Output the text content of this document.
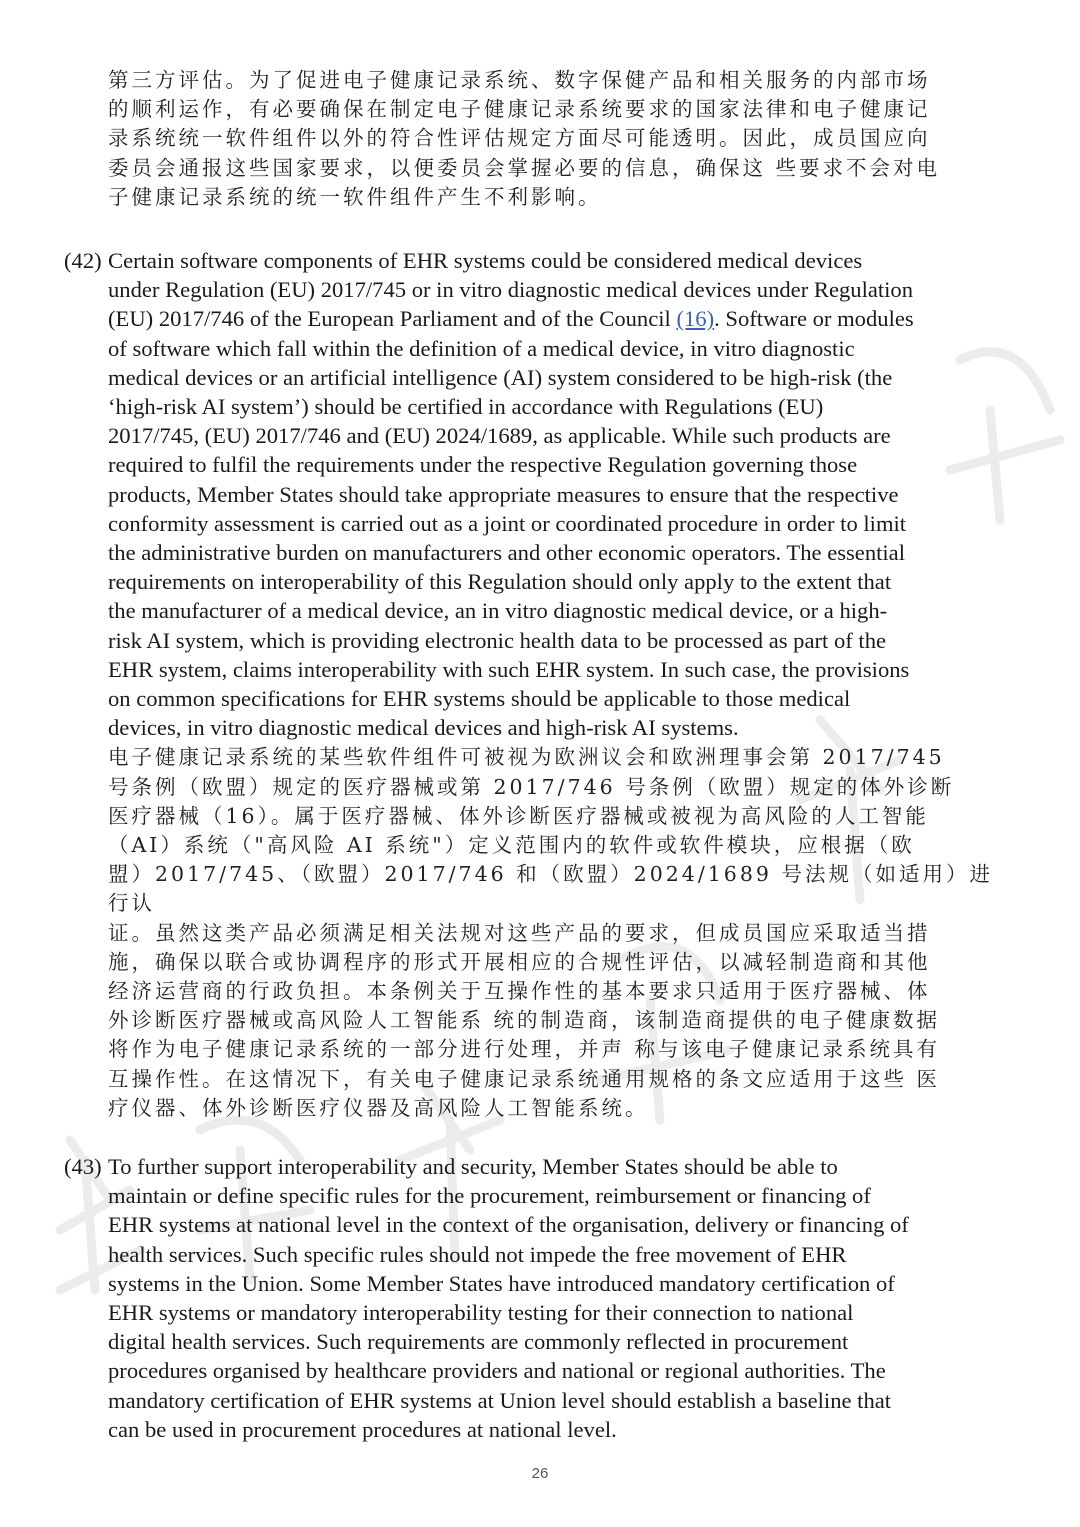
第三方评估。为了促进电子健康记录系统、数字保健产品和相关服务的内部市场

的顺利运作，有必要确保在制定电子健康记录系统要求的国家法律和电子健康记

录系统统一软件组件以外的符合性评估规定方面尽可能透明。因此，成员国应向

委员会通报这些国家要求，以便委员会掌握必要的信息，确保这 些要求不会对电

子健康记录系统的统一软件组件产生不利影响。

(42) Certain software components of EHR systems could be considered medical devices

under Regulation (EU) 2017/745 or in vitro diagnostic medical devices under Regulation

(EU) 2017/746 of the European Parliament and of the Council (16). Software or modules

of software which fall within the definition of a medical device, in vitro diagnostic

medical devices or an artificial intelligence (AI) system considered to be high-risk (the

‘high-risk AI system’) should be certified in accordance with Regulations (EU)

2017/745, (EU) 2017/746 and (EU) 2024/1689, as applicable. While such products are

required to fulfil the requirements under the respective Regulation governing those

products, Member States should take appropriate measures to ensure that the respective

conformity assessment is carried out as a joint or coordinated procedure in order to limit

the administrative burden on manufacturers and other economic operators. The essential

requirements on interoperability of this Regulation should only apply to the extent that

the manufacturer of a medical device, an in vitro diagnostic medical device, or a high-

risk AI system, which is providing electronic health data to be processed as part of the

EHR system, claims interoperability with such EHR system. In such case, the provisions

on common specifications for EHR systems should be applicable to those medical

devices, in vitro diagnostic medical devices and high-risk AI systems.

电子健康记录系统的某些软件组件可被视为欧洲议会和欧洲理事会第 2017/745

号条例（欧盟）规定的医疗器械或第 2017/746 号条例（欧盟）规定的体外诊断

医疗器械（16）。属于医疗器械、体外诊断医疗器械或被视为高风险的人工智能

（AI）系统（"高风险 AI 系统"）定义范围内的软件或软件模块，应根据（欧

盟）2017/745、（欧盟）2017/746 和（欧盟）2024/1689 号法规（如适用）进行认

证。虽然这类产品必须满足相关法规对这些产品的要求，但成员国应采取适当措

施，确保以联合或协调程序的形式开展相应的合规性评估，以减轻制造商和其他

经济运营商的行政负担。本条例关于互操作性的基本要求只适用于医疗器械、体

外诊断医疗器械或高风险人工智能系 统的制造商，该制造商提供的电子健康数据

将作为电子健康记录系统的一部分进行处理，并声 称与该电子健康记录系统具有

互操作性。在这情况下，有关电子健康记录系统通用规格的条文应适用于这些 医

疗仪器、体外诊断医疗仪器及高风险人工智能系统。

(43) To further support interoperability and security, Member States should be able to

maintain or define specific rules for the procurement, reimbursement or financing of

EHR systems at national level in the context of the organisation, delivery or financing of

health services. Such specific rules should not impede the free movement of EHR

systems in the Union. Some Member States have introduced mandatory certification of

EHR systems or mandatory interoperability testing for their connection to national

digital health services. Such requirements are commonly reflected in procurement

procedures organised by healthcare providers and national or regional authorities. The

mandatory certification of EHR systems at Union level should establish a baseline that

can be used in procurement procedures at national level.

26
